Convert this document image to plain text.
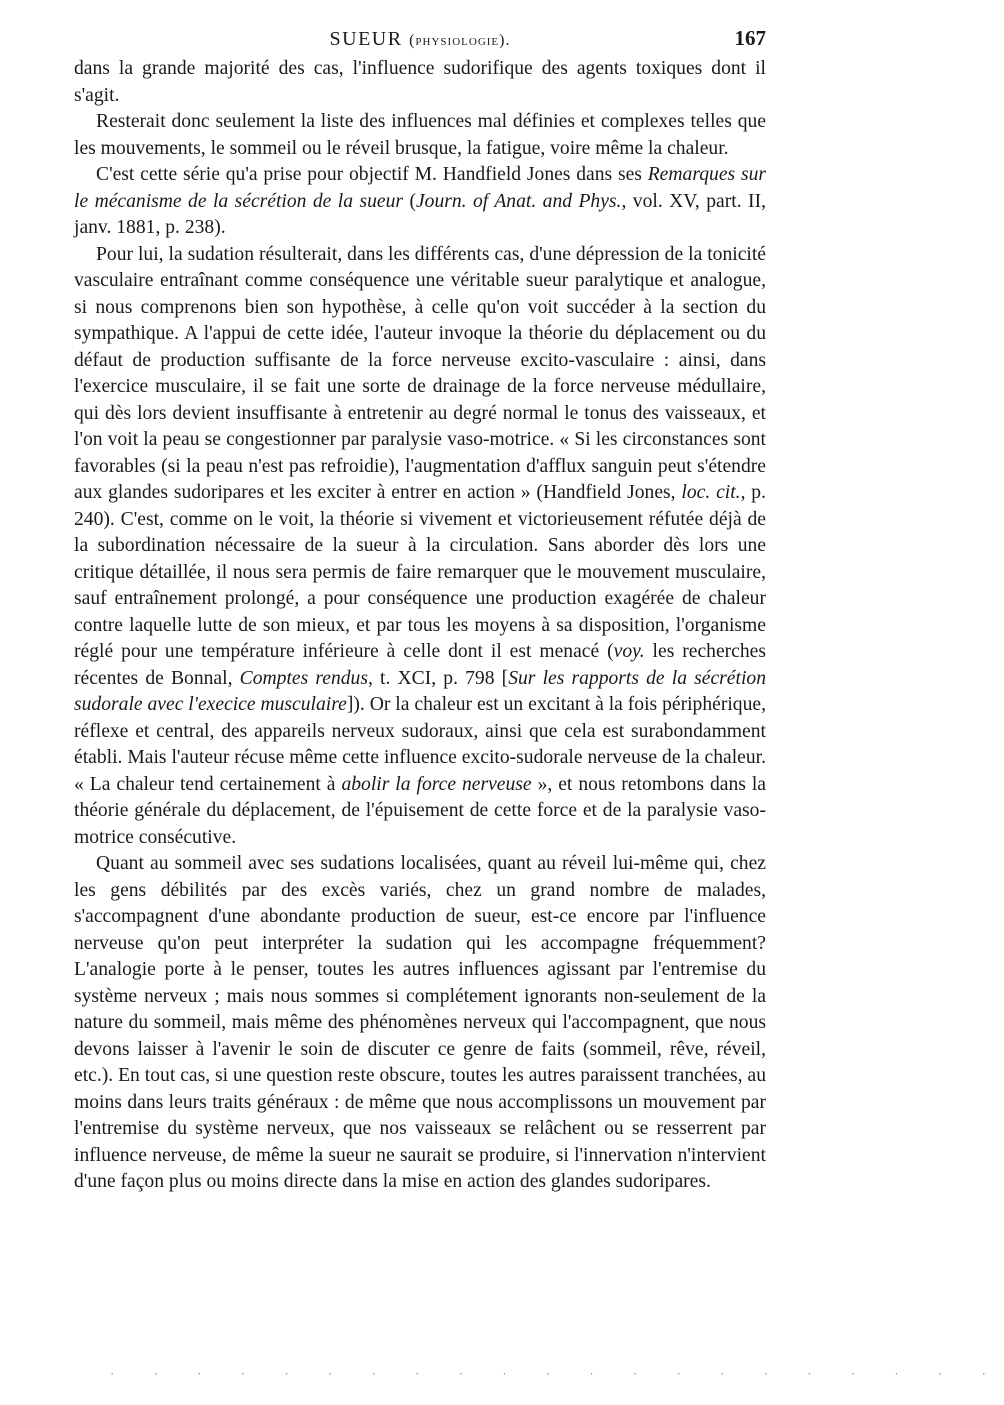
SUEUR (physiologie).	167

dans la grande majorité des cas, l'influence sudorifique des agents toxiques dont il s'agit.

Resterait donc seulement la liste des influences mal définies et complexes telles que les mouvements, le sommeil ou le réveil brusque, la fatigue, voire même la chaleur.

C'est cette série qu'a prise pour objectif M. Handfield Jones dans ses Remarques sur le mécanisme de la sécrétion de la sueur (Journ. of Anat. and Phys., vol. XV, part. II, janv. 1881, p. 238).

Pour lui, la sudation résulterait, dans les différents cas, d'une dépression de la tonicité vasculaire entraînant comme conséquence une véritable sueur paralytique et analogue, si nous comprenons bien son hypothèse, à celle qu'on voit succéder à la section du sympathique. A l'appui de cette idée, l'auteur invoque la théorie du déplacement ou du défaut de production suffisante de la force nerveuse excito-vasculaire : ainsi, dans l'exercice musculaire, il se fait une sorte de drainage de la force nerveuse médullaire, qui dès lors devient insuffisante à entretenir au degré normal le tonus des vaisseaux, et l'on voit la peau se congestionner par paralysie vaso-motrice. « Si les circonstances sont favorables (si la peau n'est pas refroidie), l'augmentation d'afflux sanguin peut s'étendre aux glandes sudoripares et les exciter à entrer en action » (Handfield Jones, loc. cit., p. 240). C'est, comme on le voit, la théorie si vivement et victorieusement réfutée déjà de la subordination nécessaire de la sueur à la circulation. Sans aborder dès lors une critique détaillée, il nous sera permis de faire remarquer que le mouvement musculaire, sauf entraînement prolongé, a pour conséquence une production exagérée de chaleur contre laquelle lutte de son mieux, et par tous les moyens à sa disposition, l'organisme réglé pour une température inférieure à celle dont il est menacé (voy. les recherches récentes de Bonnal, Comptes rendus, t. XCI, p. 798 [Sur les rapports de la sécrétion sudorale avec l'execice musculaire]). Or la chaleur est un excitant à la fois périphérique, réflexe et central, des appareils nerveux sudoraux, ainsi que cela est surabondamment établi. Mais l'auteur récuse même cette influence excito-sudorale nerveuse de la chaleur. « La chaleur tend certainement à abolir la force nerveuse », et nous retombons dans la théorie générale du déplacement, de l'épuisement de cette force et de la paralysie vaso-motrice consécutive.

Quant au sommeil avec ses sudations localisées, quant au réveil lui-même qui, chez les gens débilités par des excès variés, chez un grand nombre de malades, s'accompagnent d'une abondante production de sueur, est-ce encore par l'influence nerveuse qu'on peut interpréter la sudation qui les accompagne fréquemment? L'analogie porte à le penser, toutes les autres influences agissant par l'entremise du système nerveux ; mais nous sommes si complétement ignorants non-seulement de la nature du sommeil, mais même des phénomènes nerveux qui l'accompagnent, que nous devons laisser à l'avenir le soin de discuter ce genre de faits (sommeil, rêve, réveil, etc.). En tout cas, si une question reste obscure, toutes les autres paraissent tranchées, au moins dans leurs traits généraux : de même que nous accomplissons un mouvement par l'entremise du système nerveux, que nos vaisseaux se relâchent ou se resserrent par influence nerveuse, de même la sueur ne saurait se produire, si l'innervation n'intervient d'une façon plus ou moins directe dans la mise en action des glandes sudoripares.

· · · · · · · · · · · · · · · · · · · · ·
